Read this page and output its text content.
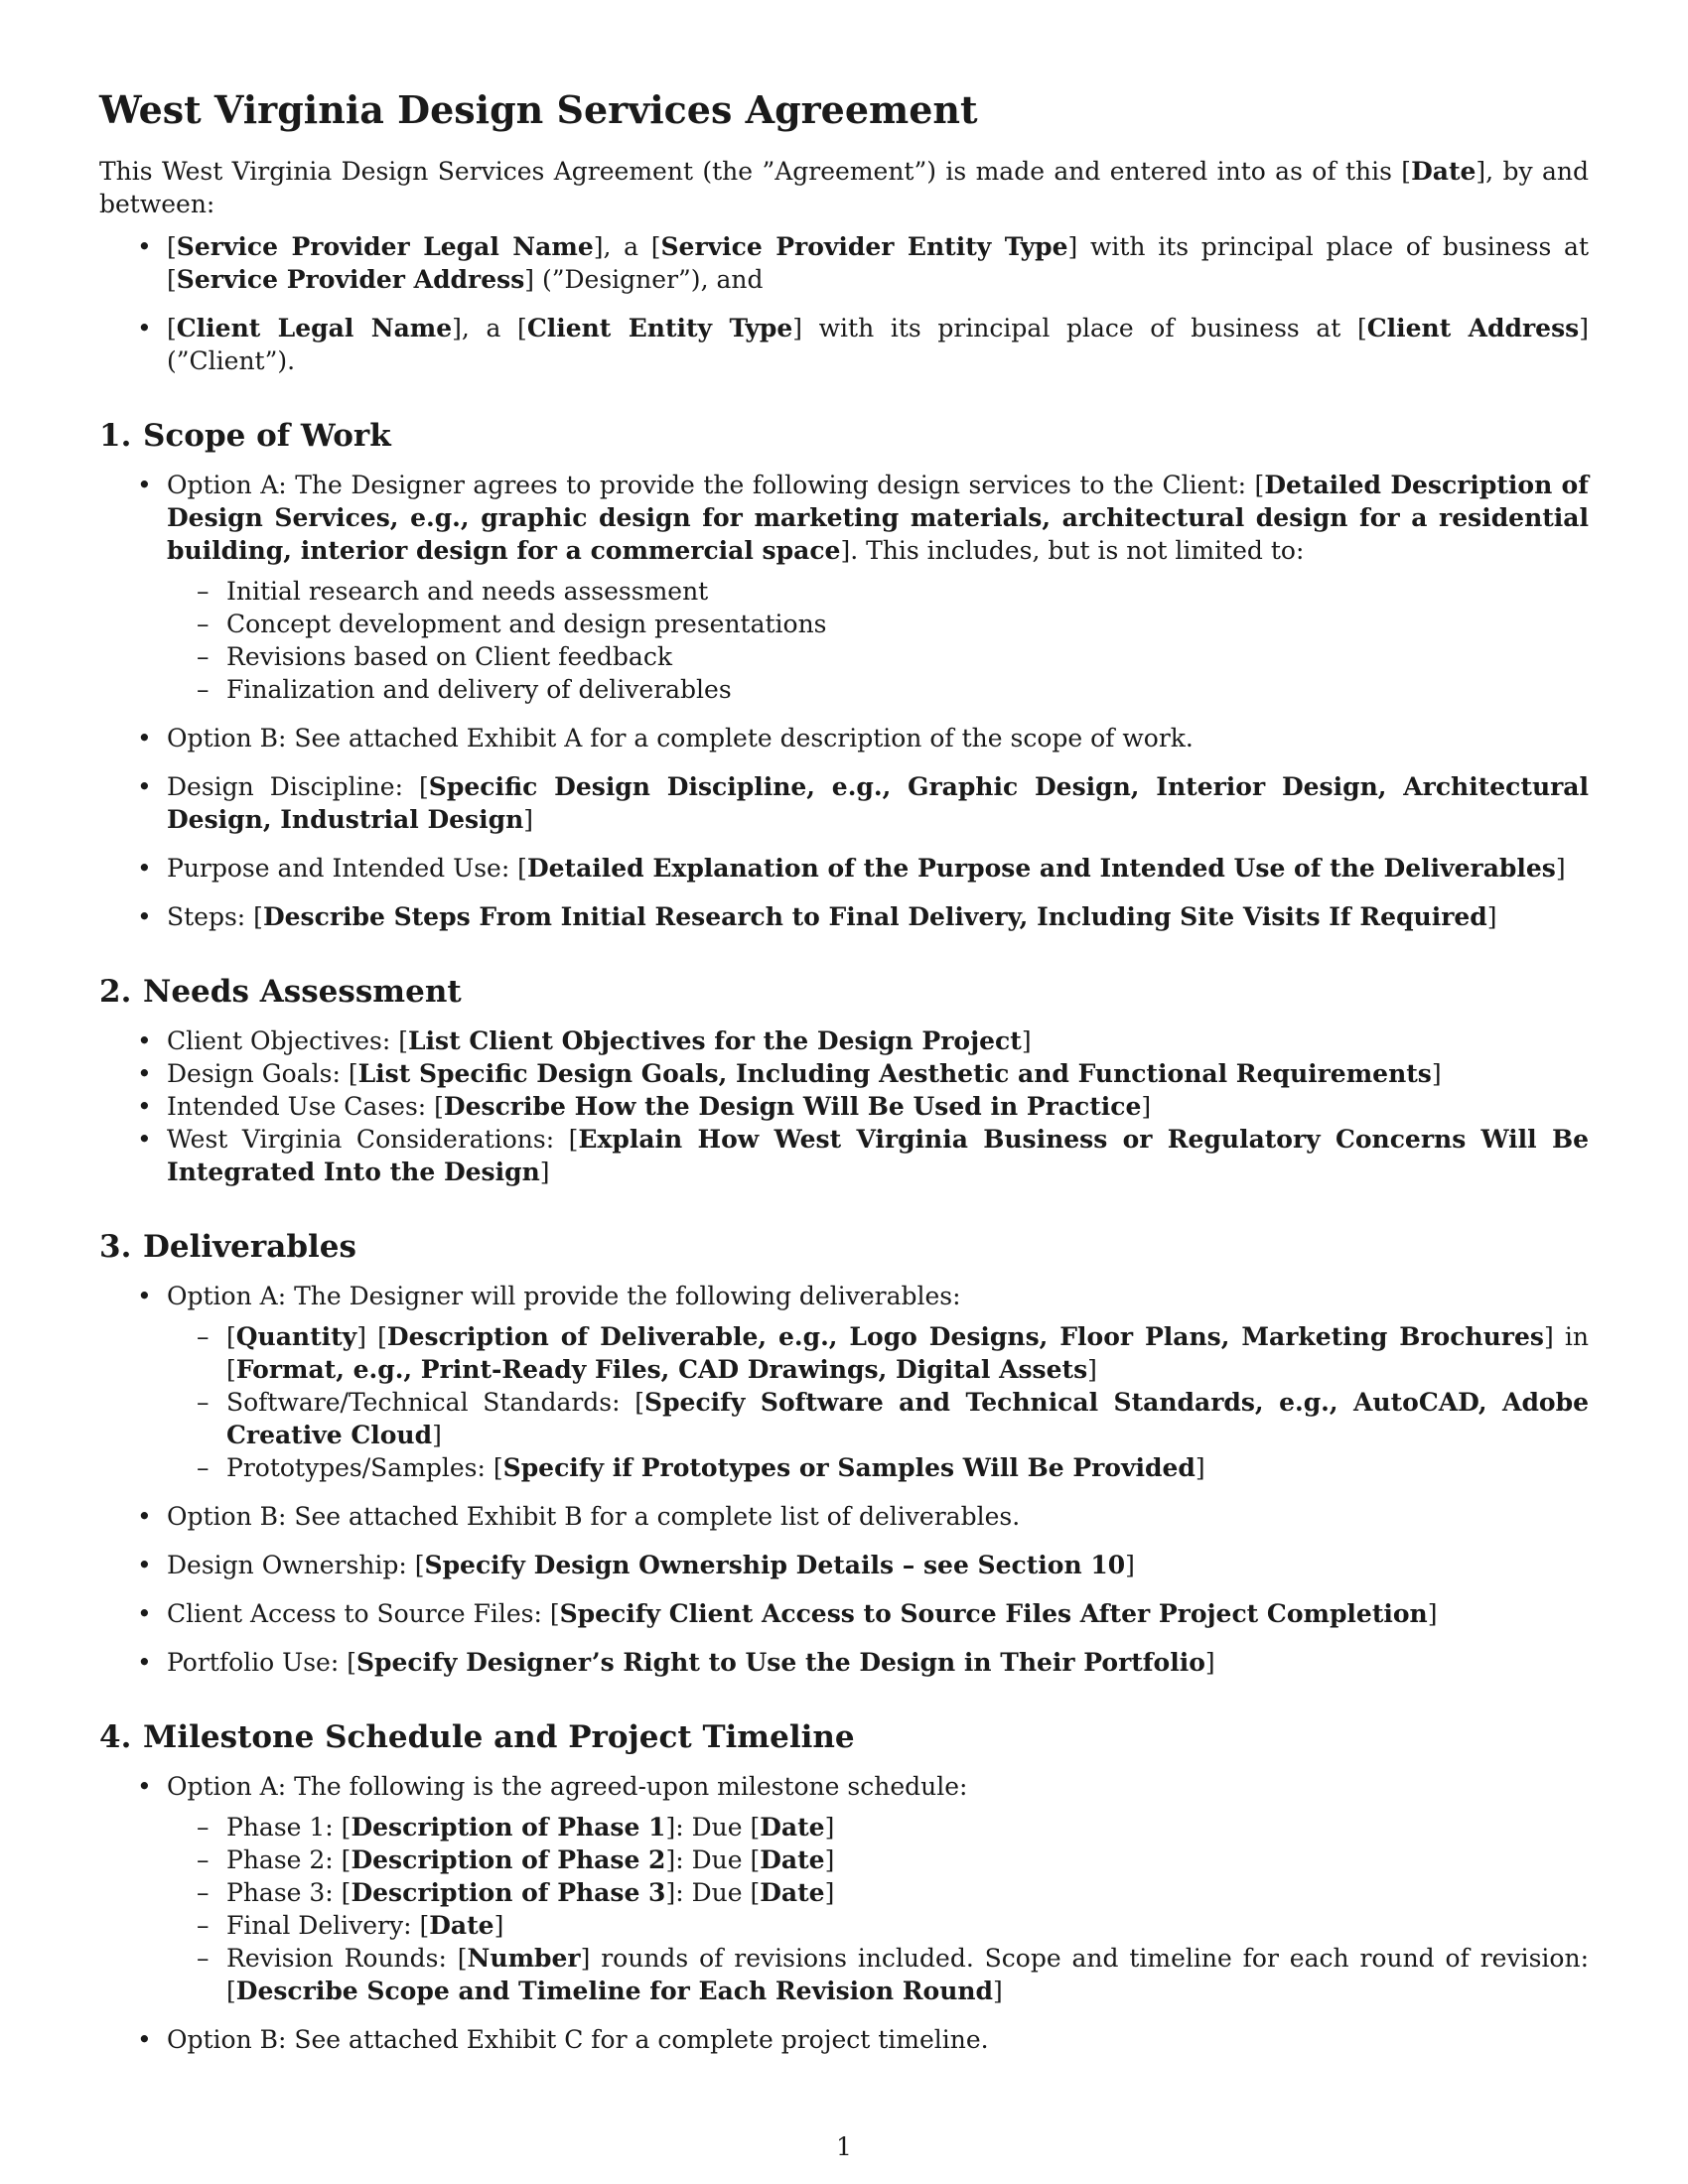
West Virginia Design Services Agreement

This West Virginia Design Services Agreement (the ”Agreement”) is made and entered into as of this [Date], by and between:

• [Service Provider Legal Name], a [Service Provider Entity Type] with its principal place of business at [Service Provider Address] (”Designer”), and
• [Client Legal Name], a [Client Entity Type] with its principal place of business at [Client Address] (”Client”).
1. Scope of Work
• Option A: The Designer agrees to provide the following design services to the Client: [Detailed Description of Design Services, e.g., graphic design for marketing materials, architectural design for a residential building, interior design for a commercial space]. This includes, but is not limited to:
– Initial research and needs assessment
– Concept development and design presentations
– Revisions based on Client feedback
– Finalization and delivery of deliverables
• Option B: See attached Exhibit A for a complete description of the scope of work.
• Design Discipline: [Specific Design Discipline, e.g., Graphic Design, Interior Design, Architectural Design, Industrial Design]
• Purpose and Intended Use: [Detailed Explanation of the Purpose and Intended Use of the Deliverables]
• Steps: [Describe Steps From Initial Research to Final Delivery, Including Site Visits If Required]
2. Needs Assessment
• Client Objectives: [List Client Objectives for the Design Project]
• Design Goals: [List Specific Design Goals, Including Aesthetic and Functional Requirements]
• Intended Use Cases: [Describe How the Design Will Be Used in Practice]
• West Virginia Considerations: [Explain How West Virginia Business or Regulatory Concerns Will Be Integrated Into the Design]
3. Deliverables
• Option A: The Designer will provide the following deliverables:
– [Quantity] [Description of Deliverable, e.g., Logo Designs, Floor Plans, Marketing Brochures] in [Format, e.g., Print-Ready Files, CAD Drawings, Digital Assets]
– Software/Technical Standards: [Specify Software and Technical Standards, e.g., AutoCAD, Adobe Creative Cloud]
– Prototypes/Samples: [Specify if Prototypes or Samples Will Be Provided]
• Option B: See attached Exhibit B for a complete list of deliverables.
• Design Ownership: [Specify Design Ownership Details – see Section 10]
• Client Access to Source Files: [Specify Client Access to Source Files After Project Completion]
• Portfolio Use: [Specify Designer’s Right to Use the Design in Their Portfolio]
4. Milestone Schedule and Project Timeline
• Option A: The following is the agreed-upon milestone schedule:
– Phase 1: [Description of Phase 1]: Due [Date]
– Phase 2: [Description of Phase 2]: Due [Date]
– Phase 3: [Description of Phase 3]: Due [Date]
– Final Delivery: [Date]
– Revision Rounds: [Number] rounds of revisions included. Scope and timeline for each round of revision: [Describe Scope and Timeline for Each Revision Round]
• Option B: See attached Exhibit C for a complete project timeline.
1
